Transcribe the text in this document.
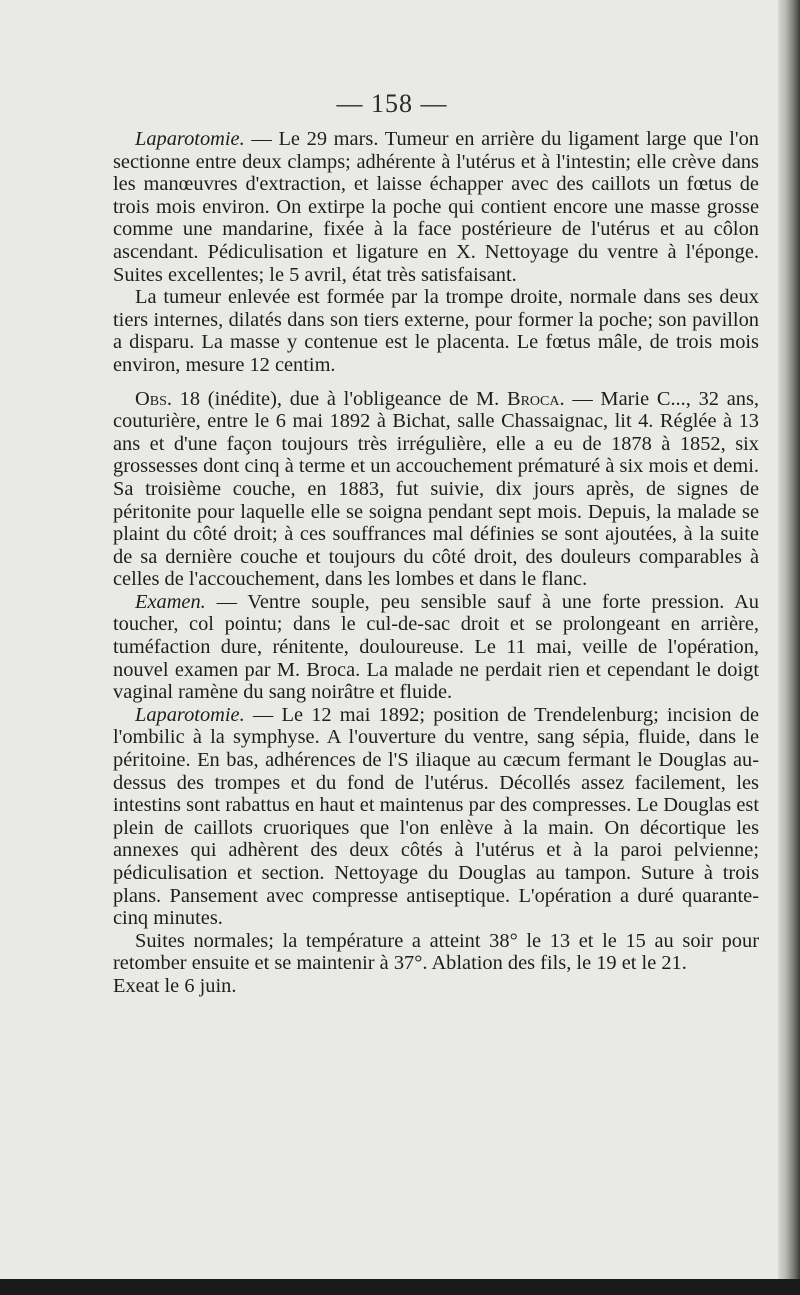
— 158 —

Laparotomie. — Le 29 mars. Tumeur en arrière du ligament large que l'on sectionne entre deux clamps; adhérente à l'utérus et à l'intestin; elle crève dans les manœuvres d'extraction, et laisse échapper avec des caillots un fœtus de trois mois environ. On extirpe la poche qui contient encore une masse grosse comme une mandarine, fixée à la face postérieure de l'utérus et au côlon ascendant. Pédiculisation et ligature en X. Nettoyage du ventre à l'éponge. Suites excellentes; le 5 avril, état très satisfaisant.

La tumeur enlevée est formée par la trompe droite, normale dans ses deux tiers internes, dilatés dans son tiers externe, pour former la poche; son pavillon a disparu. La masse y contenue est le placenta. Le fœtus mâle, de trois mois environ, mesure 12 centim.

Obs. 18 (inédite), due à l'obligeance de M. Broca. — Marie C..., 32 ans, couturière, entre le 6 mai 1892 à Bichat, salle Chassaignac, lit 4. Réglée à 13 ans et d'une façon toujours très irrégulière, elle a eu de 1878 à 1852, six grossesses dont cinq à terme et un accouchement prématuré à six mois et demi. Sa troisième couche, en 1883, fut suivie, dix jours après, de signes de péritonite pour laquelle elle se soigna pendant sept mois. Depuis, la malade se plaint du côté droit; à ces souffrances mal définies se sont ajoutées, à la suite de sa dernière couche et toujours du côté droit, des douleurs comparables à celles de l'accouchement, dans les lombes et dans le flanc.

Examen. — Ventre souple, peu sensible sauf à une forte pression. Au toucher, col pointu; dans le cul-de-sac droit et se prolongeant en arrière, tuméfaction dure, rénitente, douloureuse. Le 11 mai, veille de l'opération, nouvel examen par M. Broca. La malade ne perdait rien et cependant le doigt vaginal ramène du sang noirâtre et fluide.

Laparotomie. — Le 12 mai 1892; position de Trendelenburg; incision de l'ombilic à la symphyse. A l'ouverture du ventre, sang sépia, fluide, dans le péritoine. En bas, adhérences de l'S iliaque au cæcum fermant le Douglas au-dessus des trompes et du fond de l'utérus. Décollés assez facilement, les intestins sont rabattus en haut et maintenus par des compresses. Le Douglas est plein de caillots cruoriques que l'on enlève à la main. On décortique les annexes qui adhèrent des deux côtés à l'utérus et à la paroi pelvienne; pédiculisation et section. Nettoyage du Douglas au tampon. Suture à trois plans. Pansement avec compresse antiseptique. L'opération a duré quarante-cinq minutes.

Suites normales; la température a atteint 38° le 13 et le 15 au soir pour retomber ensuite et se maintenir à 37°. Ablation des fils, le 19 et le 21.

Exeat le 6 juin.
